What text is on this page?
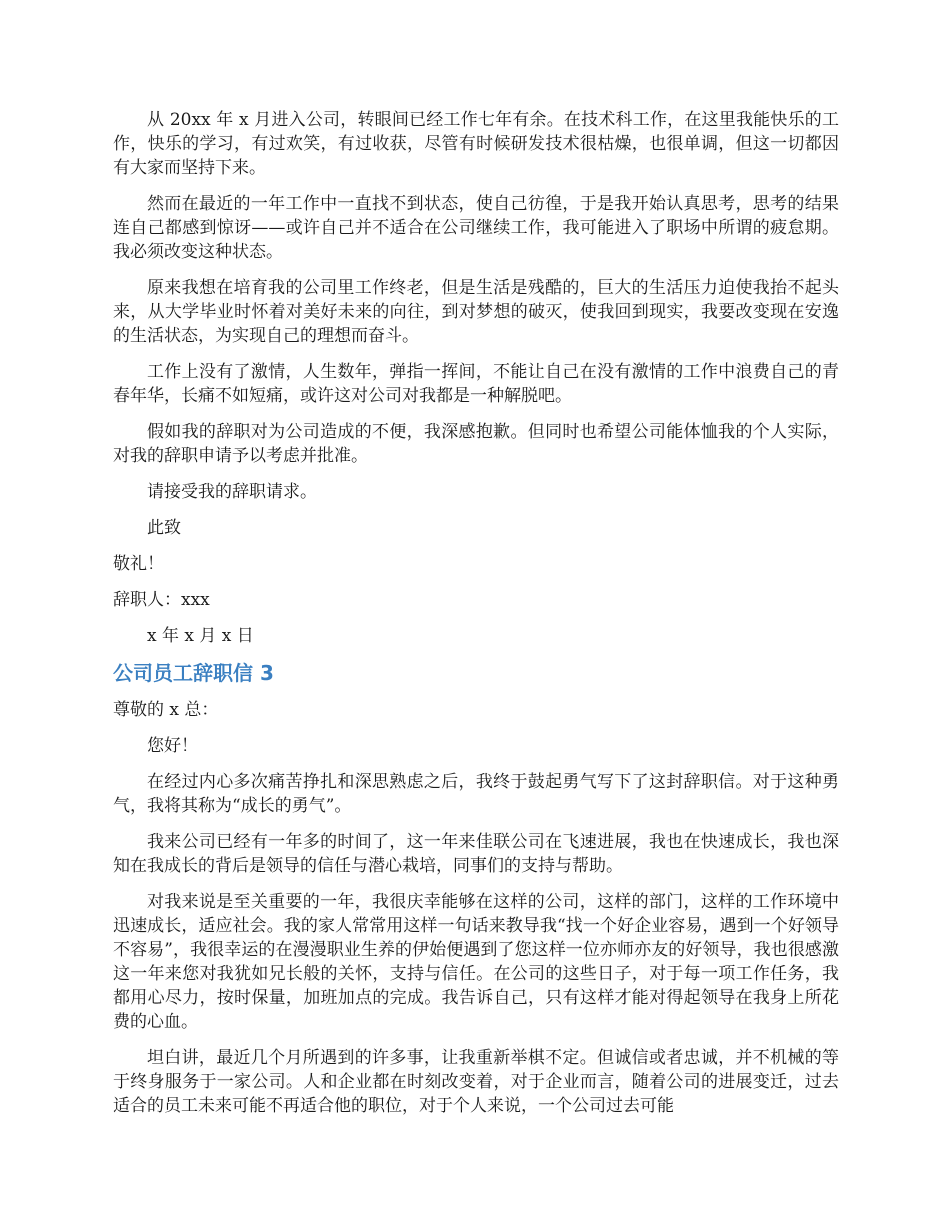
从 20xx 年 x 月进入公司，转眼间已经工作七年有余。在技术科工作，在这里我能快乐的工作，快乐的学习，有过欢笑，有过收获，尽管有时候研发技术很枯燥，也很单调，但这一切都因有大家而坚持下来。

然而在最近的一年工作中一直找不到状态，使自己彷徨，于是我开始认真思考，思考的结果连自己都感到惊讶——或许自己并不适合在公司继续工作，我可能进入了职场中所谓的疲怠期。我必须改变这种状态。

原来我想在培育我的公司里工作终老，但是生活是残酷的，巨大的生活压力迫使我抬不起头来，从大学毕业时怀着对美好未来的向往，到对梦想的破灭，使我回到现实，我要改变现在安逸的生活状态，为实现自己的理想而奋斗。

工作上没有了激情，人生数年，弹指一挥间，不能让自己在没有激情的工作中浪费自己的青春年华，长痛不如短痛，或许这对公司对我都是一种解脱吧。

假如我的辞职对为公司造成的不便，我深感抱歉。但同时也希望公司能体恤我的个人实际，对我的辞职申请予以考虑并批准。

请接受我的辞职请求。

此致
敬礼！
辞职人：xxx
x 年 x 月 x 日
公司员工辞职信 3
尊敬的 x 总：
您好！

在经过内心多次痛苦挣扎和深思熟虑之后，我终于鼓起勇气写下了这封辞职信。对于这种勇气，我将其称为“成长的勇气”。

我来公司已经有一年多的时间了，这一年来佳联公司在飞速进展，我也在快速成长，我也深知在我成长的背后是领导的信任与潜心栽培，同事们的支持与帮助。

对我来说是至关重要的一年，我很庆幸能够在这样的公司，这样的部门，这样的工作环境中迅速成长，适应社会。我的家人常常用这样一句话来教导我“找一个好企业容易，遇到一个好领导不容易”，我很幸运的在漫漫职业生养的伊始便遇到了您这样一位亦师亦友的好领导，我也很感激这一年来您对我犹如兄长般的关怀，支持与信任。在公司的这些日子，对于每一项工作任务，我都用心尽力，按时保量，加班加点的完成。我告诉自己，只有这样才能对得起领导在我身上所花费的心血。

坦白讲，最近几个月所遇到的许多事，让我重新举棋不定。但诚信或者忠诚，并不机械的等于终身服务于一家公司。人和企业都在时刻改变着，对于企业而言，随着公司的进展变迁，过去适合的员工未来可能不再适合他的职位，对于个人来说，一个公司过去可能
